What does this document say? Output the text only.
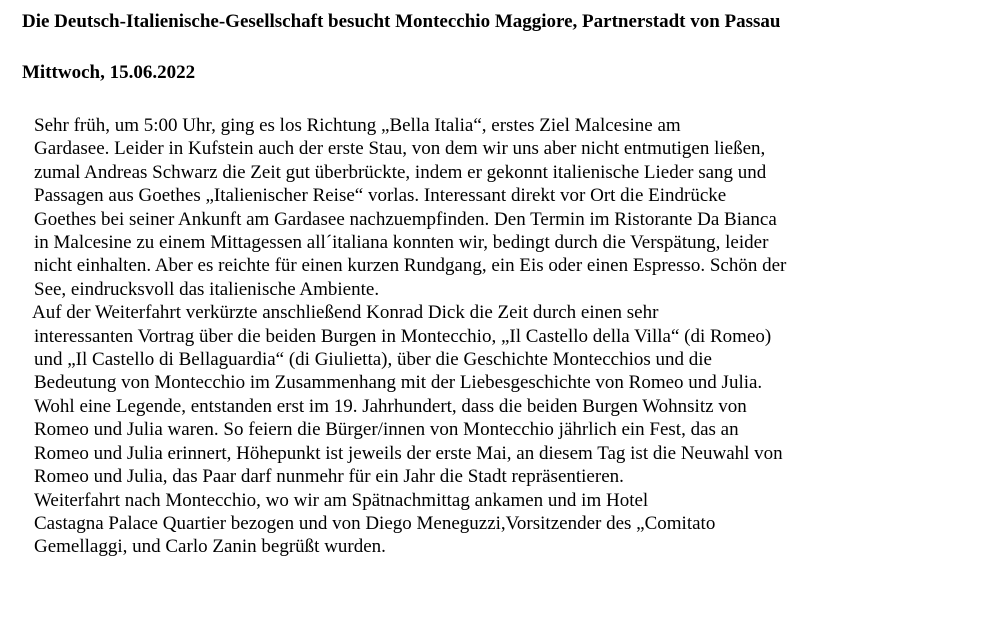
Die Deutsch-Italienische-Gesellschaft besucht Montecchio Maggiore, Partnerstadt von Passau

Mittwoch, 15.06.2022

Sehr früh, um 5:00 Uhr, ging es los Richtung „Bella Italia“, erstes Ziel Malcesine am
Gardasee. Leider in Kufstein auch der erste Stau, von dem wir uns aber nicht entmutigen ließen,
zumal Andreas Schwarz die Zeit gut überbrückte, indem er gekonnt italienische Lieder sang und
Passagen aus Goethes „Italienischer Reise“ vorlas. Interessant direkt vor Ort die Eindrücke
Goethes bei seiner Ankunft am Gardasee nachzuempfinden. Den Termin im Ristorante Da Bianca
in Malcesine zu einem Mittagessen all´italiana konnten wir, bedingt durch die Verspätung, leider
nicht einhalten. Aber es reichte für einen kurzen Rundgang, ein Eis oder einen Espresso. Schön der
See, eindrucksvoll das italienische Ambiente.
Auf der Weiterfahrt verkürzte anschließend Konrad Dick die Zeit durch einen sehr
interessanten Vortrag über die beiden Burgen in Montecchio, „Il Castello della Villa“ (di Romeo)
und „Il Castello di Bellaguardia“ (di Giulietta), über die Geschichte Montecchios und die
Bedeutung von Montecchio im Zusammenhang mit der Liebesgeschichte von Romeo und Julia.
Wohl eine Legende, entstanden erst im 19. Jahrhundert, dass die beiden Burgen Wohnsitz von
Romeo und Julia waren. So feiern die Bürger/innen von Montecchio jährlich ein Fest, das an
Romeo und Julia erinnert, Höhepunkt ist jeweils der erste Mai, an diesem Tag ist die Neuwahl von
Romeo und Julia, das Paar darf nunmehr für ein Jahr die Stadt repräsentieren.
Weiterfahrt nach Montecchio, wo wir am Spätnachmittag ankamen und im Hotel
Castagna Palace Quartier bezogen und von Diego Meneguzzi,Vorsitzender des „Comitato
Gemellaggi, und Carlo Zanin begrüßt wurden.
